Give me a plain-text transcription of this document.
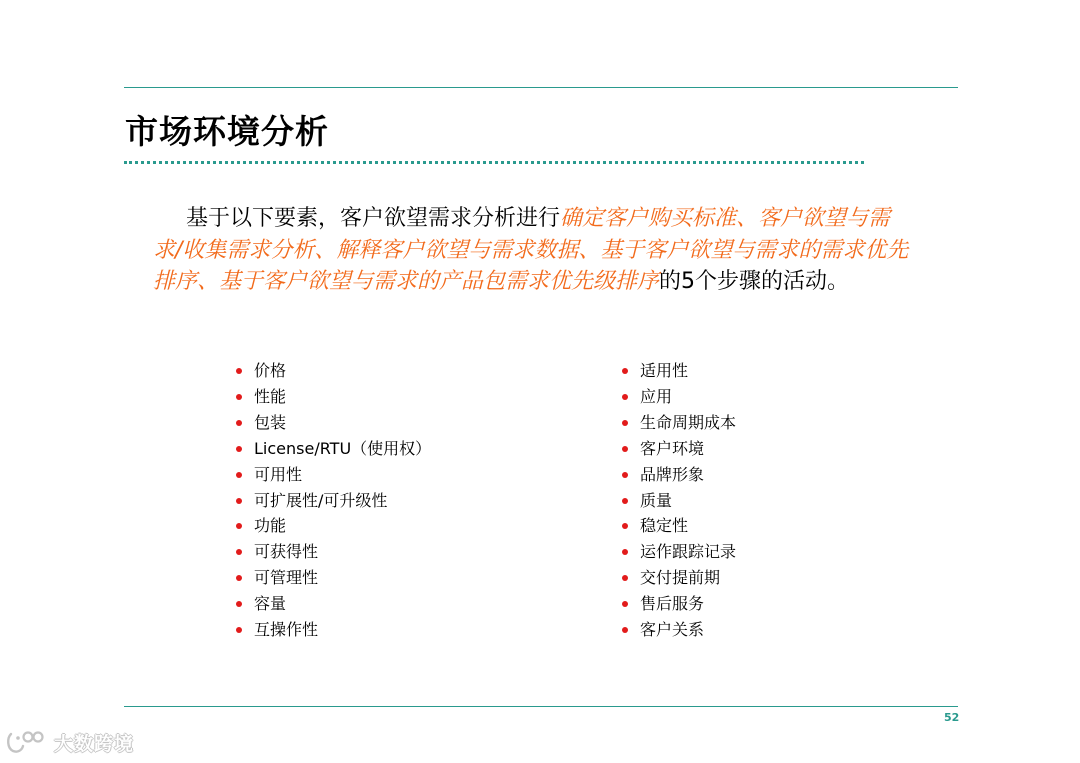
市场环境分析
基于以下要素，客户欲望需求分析进行确定客户购买标准、客户欲望与需求/收集需求分析、解释客户欲望与需求数据、基于客户欲望与需求的需求优先排序、基于客户欲望与需求的产品包需求优先级排序的5个步骤的活动。
价格
性能
包装
License/RTU（使用权）
可用性
可扩展性/可升级性
功能
可获得性
可管理性
容量
互操作性
适用性
应用
生命周期成本
客户环境
品牌形象
质量
稳定性
运作跟踪记录
交付提前期
售后服务
客户关系
52
大数跨境
